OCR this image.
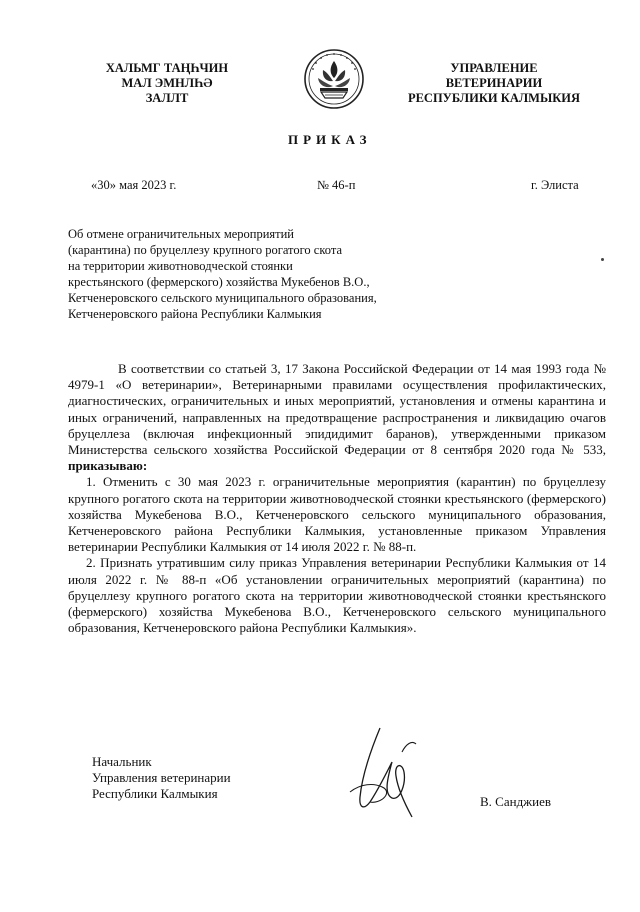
ХАЛЬМГ ТАҢҺЧИН
МАЛ ЭМНЛҺӘ
ЗАЛЛТ
УПРАВЛЕНИЕ
ВЕТЕРИНАРИИ
РЕСПУБЛИКИ КАЛМЫКИЯ
ПРИКАЗ
«30» мая 2023 г.	№ 46-п	г. Элиста
Об отмене ограничительных мероприятий
(карантина) по бруцеллезу крупного рогатого скота
на территории животноводческой стоянки
крестьянского (фермерского) хозяйства Мукебенов В.О.,
Кетченеровского сельского муниципального образования,
Кетченеровского района Республики Калмыкия

В соответствии со статьей 3, 17 Закона Российской Федерации от 14 мая 1993 года № 4979-1 «О ветеринарии», Ветеринарными правилами осуществления профилактических, диагностических, ограничительных и иных мероприятий, установления и отмены карантина и иных ограничений, направленных на предотвращение распространения и ликвидацию очагов бруцеллеза (включая инфекционный эпидидимит баранов), утвержденными приказом Министерства сельского хозяйства Российской Федерации от 8 сентября 2020 года № 533, приказываю:

1. Отменить с 30 мая 2023 г. ограничительные мероприятия (карантин) по бруцеллезу крупного рогатого скота на территории животноводческой стоянки крестьянского (фермерского) хозяйства Мукебенова В.О., Кетченеровского сельского муниципального образования, Кетченеровского района Республики Калмыкия, установленные приказом Управления ветеринарии Республики Калмыкия от 14 июля 2022 г. № 88-п.

2. Признать утратившим силу приказ Управления ветеринарии Республики Калмыкия от 14 июля 2022 г. № 88-п «Об установлении ограничительных мероприятий (карантина) по бруцеллезу крупного рогатого скота на территории животноводческой стоянки крестьянского (фермерского) хозяйства Мукебенова В.О., Кетченеровского сельского муниципального образования, Кетченеровского района Республики Калмыкия».

Начальник
Управления ветеринарии
Республики Калмыкия
В. Санджиев
